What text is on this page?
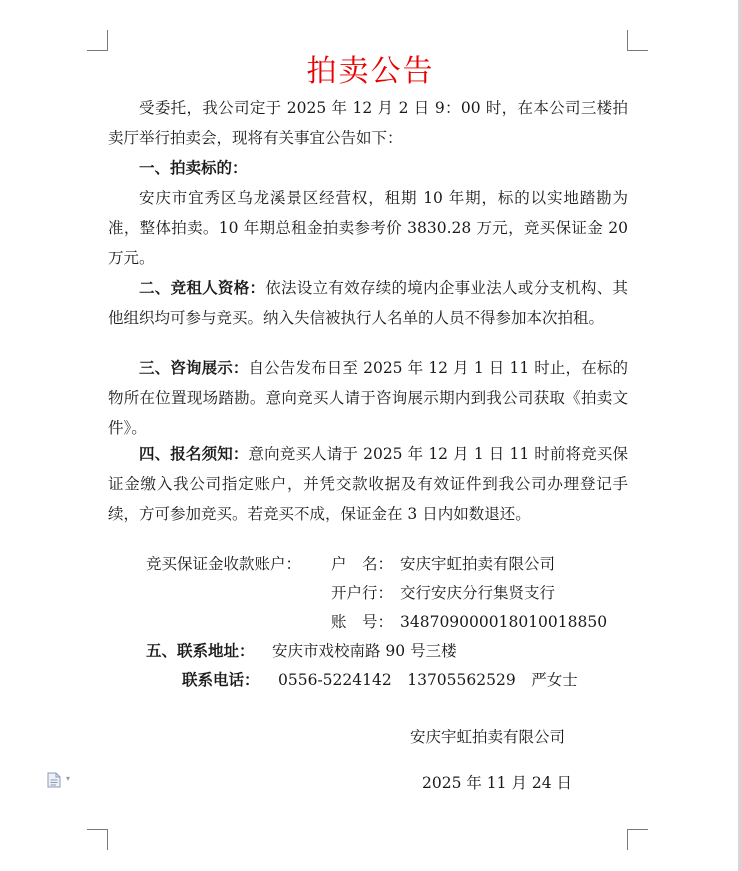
拍卖公告
受委托，我公司定于 2025 年 12 月 2 日 9：00 时，在本公司三楼拍卖厅举行拍卖会，现将有关事宜公告如下：
一、拍卖标的：
安庆市宜秀区乌龙溪景区经营权，租期 10 年期，标的以实地踏勘为准，整体拍卖。10 年期总租金拍卖参考价 3830.28 万元，竞买保证金 20 万元。
二、竞租人资格：依法设立有效存续的境内企事业法人或分支机构、其他组织均可参与竞买。纳入失信被执行人名单的人员不得参加本次拍租。
三、咨询展示：自公告发布日至 2025 年 12 月 1 日 11 时止，在标的物所在位置现场踏勘。意向竞买人请于咨询展示期内到我公司获取《拍卖文件》。
四、报名须知：意向竞买人请于 2025 年 12 月 1 日 11 时前将竞买保证金缴入我公司指定账户，并凭交款收据及有效证件到我公司办理登记手续，方可参加竞买。若竞买不成，保证金在 3 日内如数退还。
竞买保证金收款账户： 户　名： 安庆宇虹拍卖有限公司
开户行： 交行安庆分行集贤支行
账　号： 348709000018010018850
五、联系地址： 安庆市戏校南路 90 号三楼
联系电话： 0556-5224142　13705562529　严女士
安庆宇虹拍卖有限公司
2025 年 11 月 24 日
▾
